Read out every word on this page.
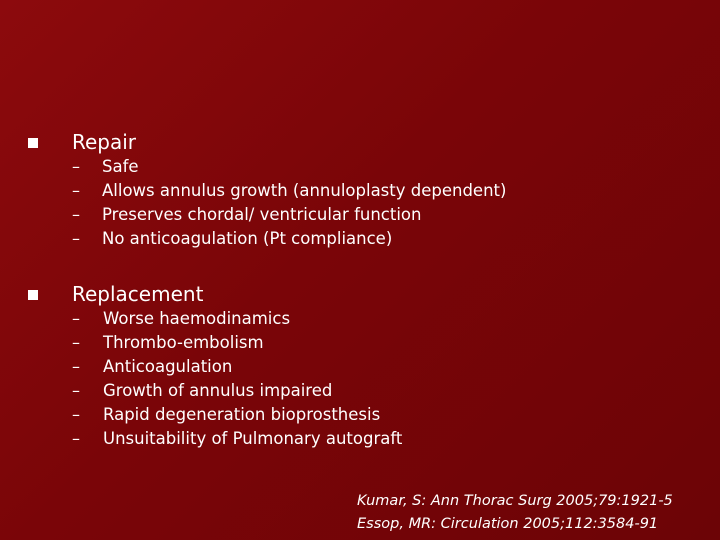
Repair
– Safe
– Allows annulus growth (annuloplasty dependent)
– Preserves chordal/ ventricular function
– No anticoagulation (Pt compliance)
Replacement
– Worse haemodinamics
– Thrombo-embolism
– Anticoagulation
– Growth of annulus impaired
– Rapid degeneration bioprosthesis
– Unsuitability of Pulmonary autograft
Kumar, S: Ann Thorac Surg 2005;79:1921-5
Essop, MR: Circulation 2005;112:3584-91
